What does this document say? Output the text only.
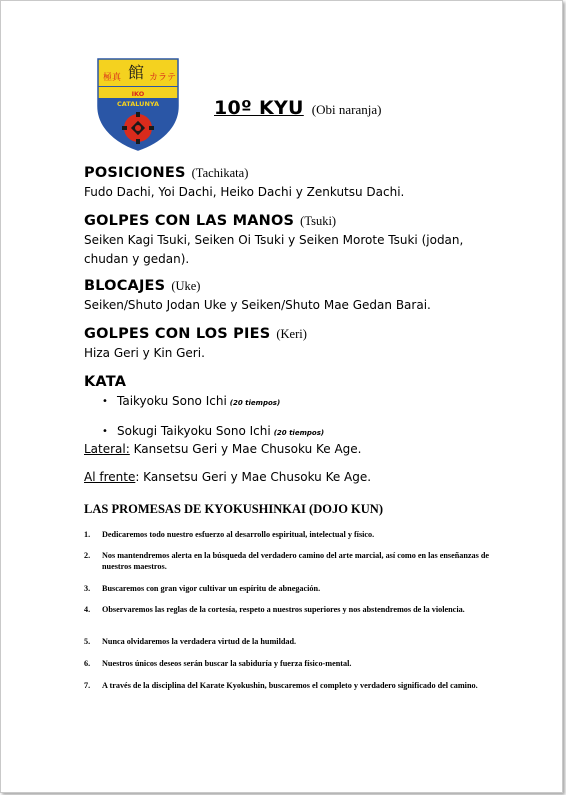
極真 館 カラテ
IKO
CATALUNYA	10º KYU (Obi naranja)
POSICIONES (Tachikata)
Fudo Dachi, Yoi Dachi, Heiko Dachi y Zenkutsu Dachi.
GOLPES CON LAS MANOS (Tsuki)
Seiken Kagi Tsuki, Seiken Oi Tsuki y Seiken Morote Tsuki (jodan, chudan y gedan).
BLOCAJES (Uke)
Seiken/Shuto Jodan Uke y Seiken/Shuto Mae Gedan Barai.
GOLPES CON LOS PIES (Keri)
Hiza Geri y Kin Geri.
KATA
• Taikyoku Sono Ichi (20 tiempos)
• Sokugi Taikyoku Sono Ichi (20 tiempos)
Lateral: Kansetsu Geri y Mae Chusoku Ke Age.
Al frente: Kansetsu Geri y Mae Chusoku Ke Age.
LAS PROMESAS DE KYOKUSHINKAI (DOJO KUN)
1. Dedicaremos todo nuestro esfuerzo al desarrollo espiritual, intelectual y físico.
2. Nos mantendremos alerta en la búsqueda del verdadero camino del arte marcial, así como en las enseñanzas de nuestros maestros.
3. Buscaremos con gran vigor cultivar un espíritu de abnegación.
4. Observaremos las reglas de la cortesía, respeto a nuestros superiores y nos abstendremos de la violencia.
5. Nunca olvidaremos la verdadera virtud de la humildad.
6. Nuestros únicos deseos serán buscar la sabiduría y fuerza físico-mental.
7. A través de la disciplina del Karate Kyokushin, buscaremos el completo y verdadero significado del camino.
